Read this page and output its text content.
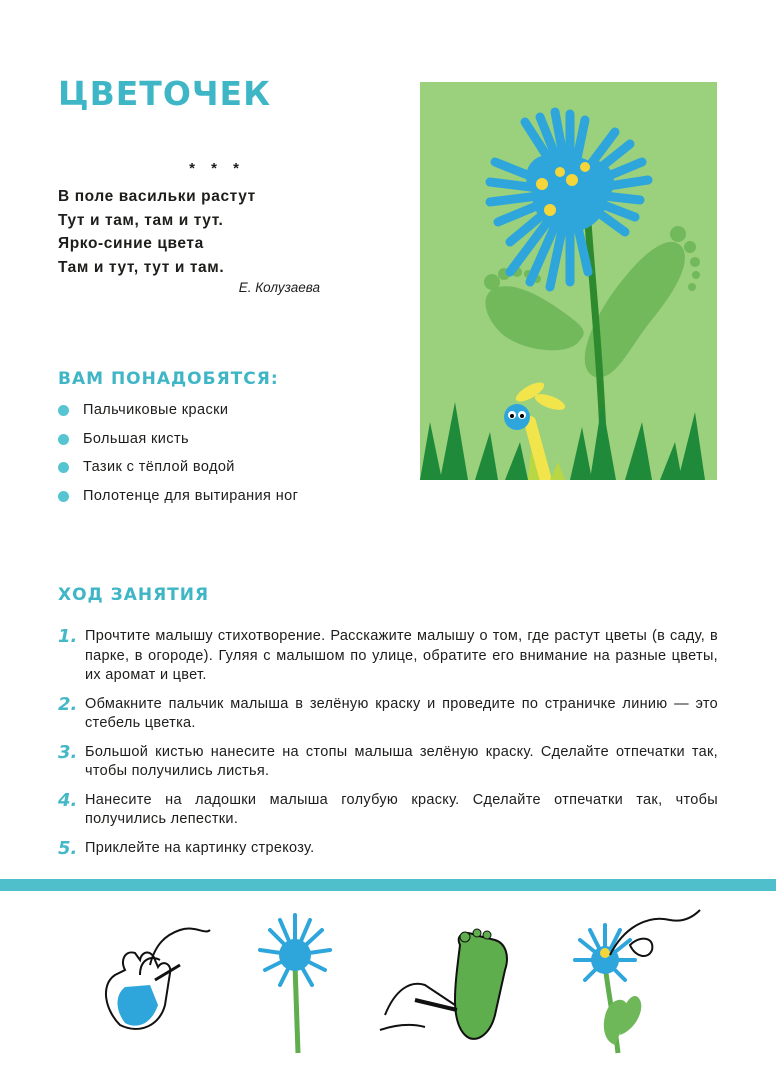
ЦВЕТОЧЕК
* * *
В поле васильки растут
Тут и там, там и тут.
Ярко-синие цвета
Там и тут, тут и там.
Е. Колузаева
ВАМ ПОНАДОБЯТСЯ:
Пальчиковые краски
Большая кисть
Тазик с тёплой водой
Полотенце для вытирания ног
ХОД ЗАНЯТИЯ
1. Прочтите малышу стихотворение. Расскажите малышу о том, где растут цветы (в саду, в парке, в огороде). Гуляя с малышом по улице, обратите его внимание на разные цветы, их аромат и цвет.
2. Обмакните пальчик малыша в зелёную краску и проведите по страничке линию — это стебель цветка.
3. Большой кистью нанесите на стопы малыша зелёную краску. Сделайте отпечатки так, чтобы получились листья.
4. Нанесите на ладошки малыша голубую краску. Сделайте отпечатки так, чтобы получились лепестки.
5. Приклейте на картинку стрекозу.
